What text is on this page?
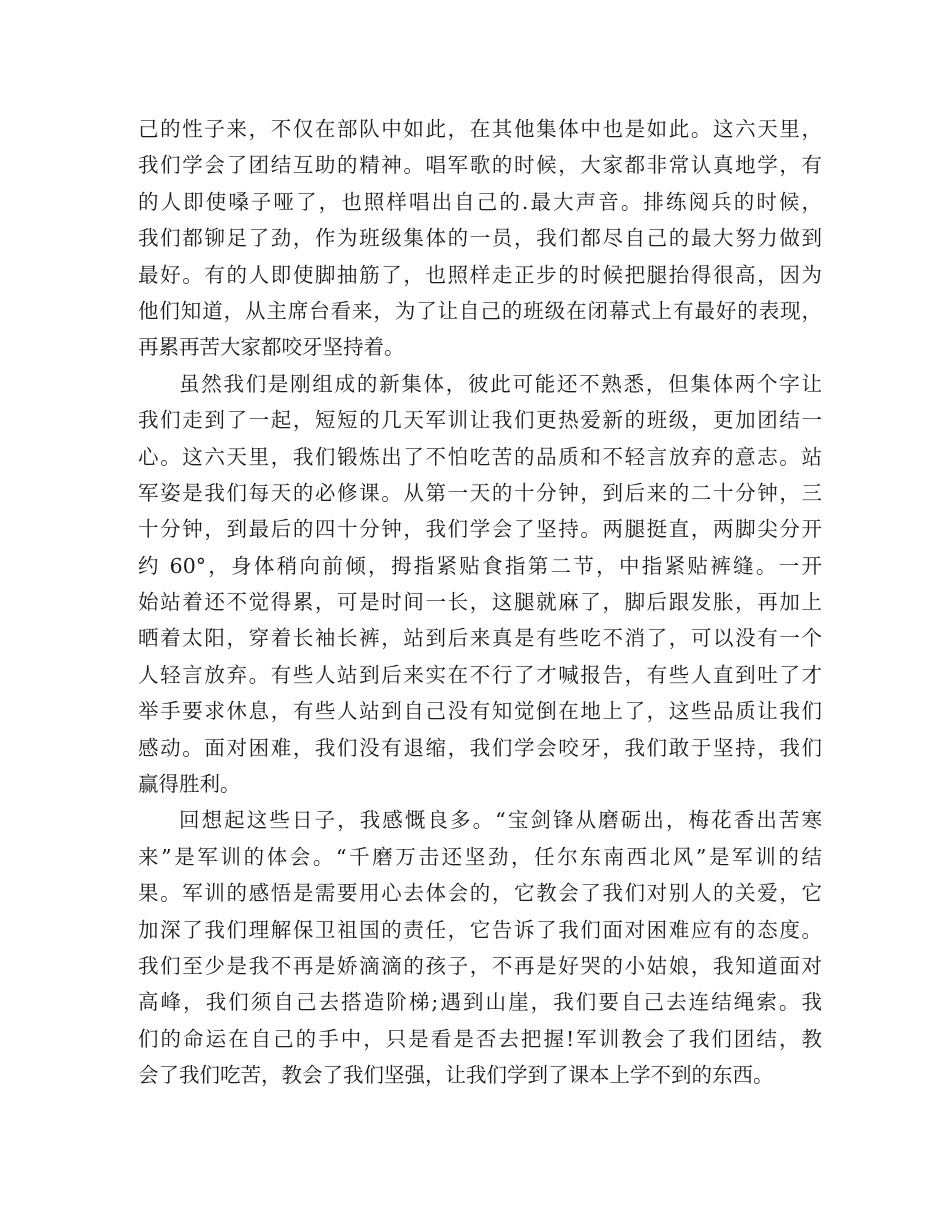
己的性子来，不仅在部队中如此，在其他集体中也是如此。这六天里，
我们学会了团结互助的精神。唱军歌的时候，大家都非常认真地学，有
的人即使嗓子哑了，也照样唱出自己的.最大声音。排练阅兵的时候，
我们都铆足了劲，作为班级集体的一员，我们都尽自己的最大努力做到
最好。有的人即使脚抽筋了，也照样走正步的时候把腿抬得很高，因为
他们知道，从主席台看来，为了让自己的班级在闭幕式上有最好的表现，
再累再苦大家都咬牙坚持着。
虽然我们是刚组成的新集体，彼此可能还不熟悉，但集体两个字让
我们走到了一起，短短的几天军训让我们更热爱新的班级，更加团结一
心。这六天里，我们锻炼出了不怕吃苦的品质和不轻言放弃的意志。站
军姿是我们每天的必修课。从第一天的十分钟，到后来的二十分钟，三
十分钟，到最后的四十分钟，我们学会了坚持。两腿挺直，两脚尖分开
约 60°，身体稍向前倾，拇指紧贴食指第二节，中指紧贴裤缝。一开
始站着还不觉得累，可是时间一长，这腿就麻了，脚后跟发胀，再加上
晒着太阳，穿着长袖长裤，站到后来真是有些吃不消了，可以没有一个
人轻言放弃。有些人站到后来实在不行了才喊报告，有些人直到吐了才
举手要求休息，有些人站到自己没有知觉倒在地上了，这些品质让我们
感动。面对困难，我们没有退缩，我们学会咬牙，我们敢于坚持，我们
赢得胜利。
回想起这些日子，我感慨良多。“宝剑锋从磨砺出，梅花香出苦寒
来”是军训的体会。“千磨万击还坚劲，任尔东南西北风”是军训的结
果。军训的感悟是需要用心去体会的，它教会了我们对别人的关爱，它
加深了我们理解保卫祖国的责任，它告诉了我们面对困难应有的态度。
我们至少是我不再是娇滴滴的孩子，不再是好哭的小姑娘，我知道面对
高峰，我们须自己去搭造阶梯;遇到山崖，我们要自己去连结绳索。我
们的命运在自己的手中，只是看是否去把握!军训教会了我们团结，教
会了我们吃苦，教会了我们坚强，让我们学到了课本上学不到的东西。
